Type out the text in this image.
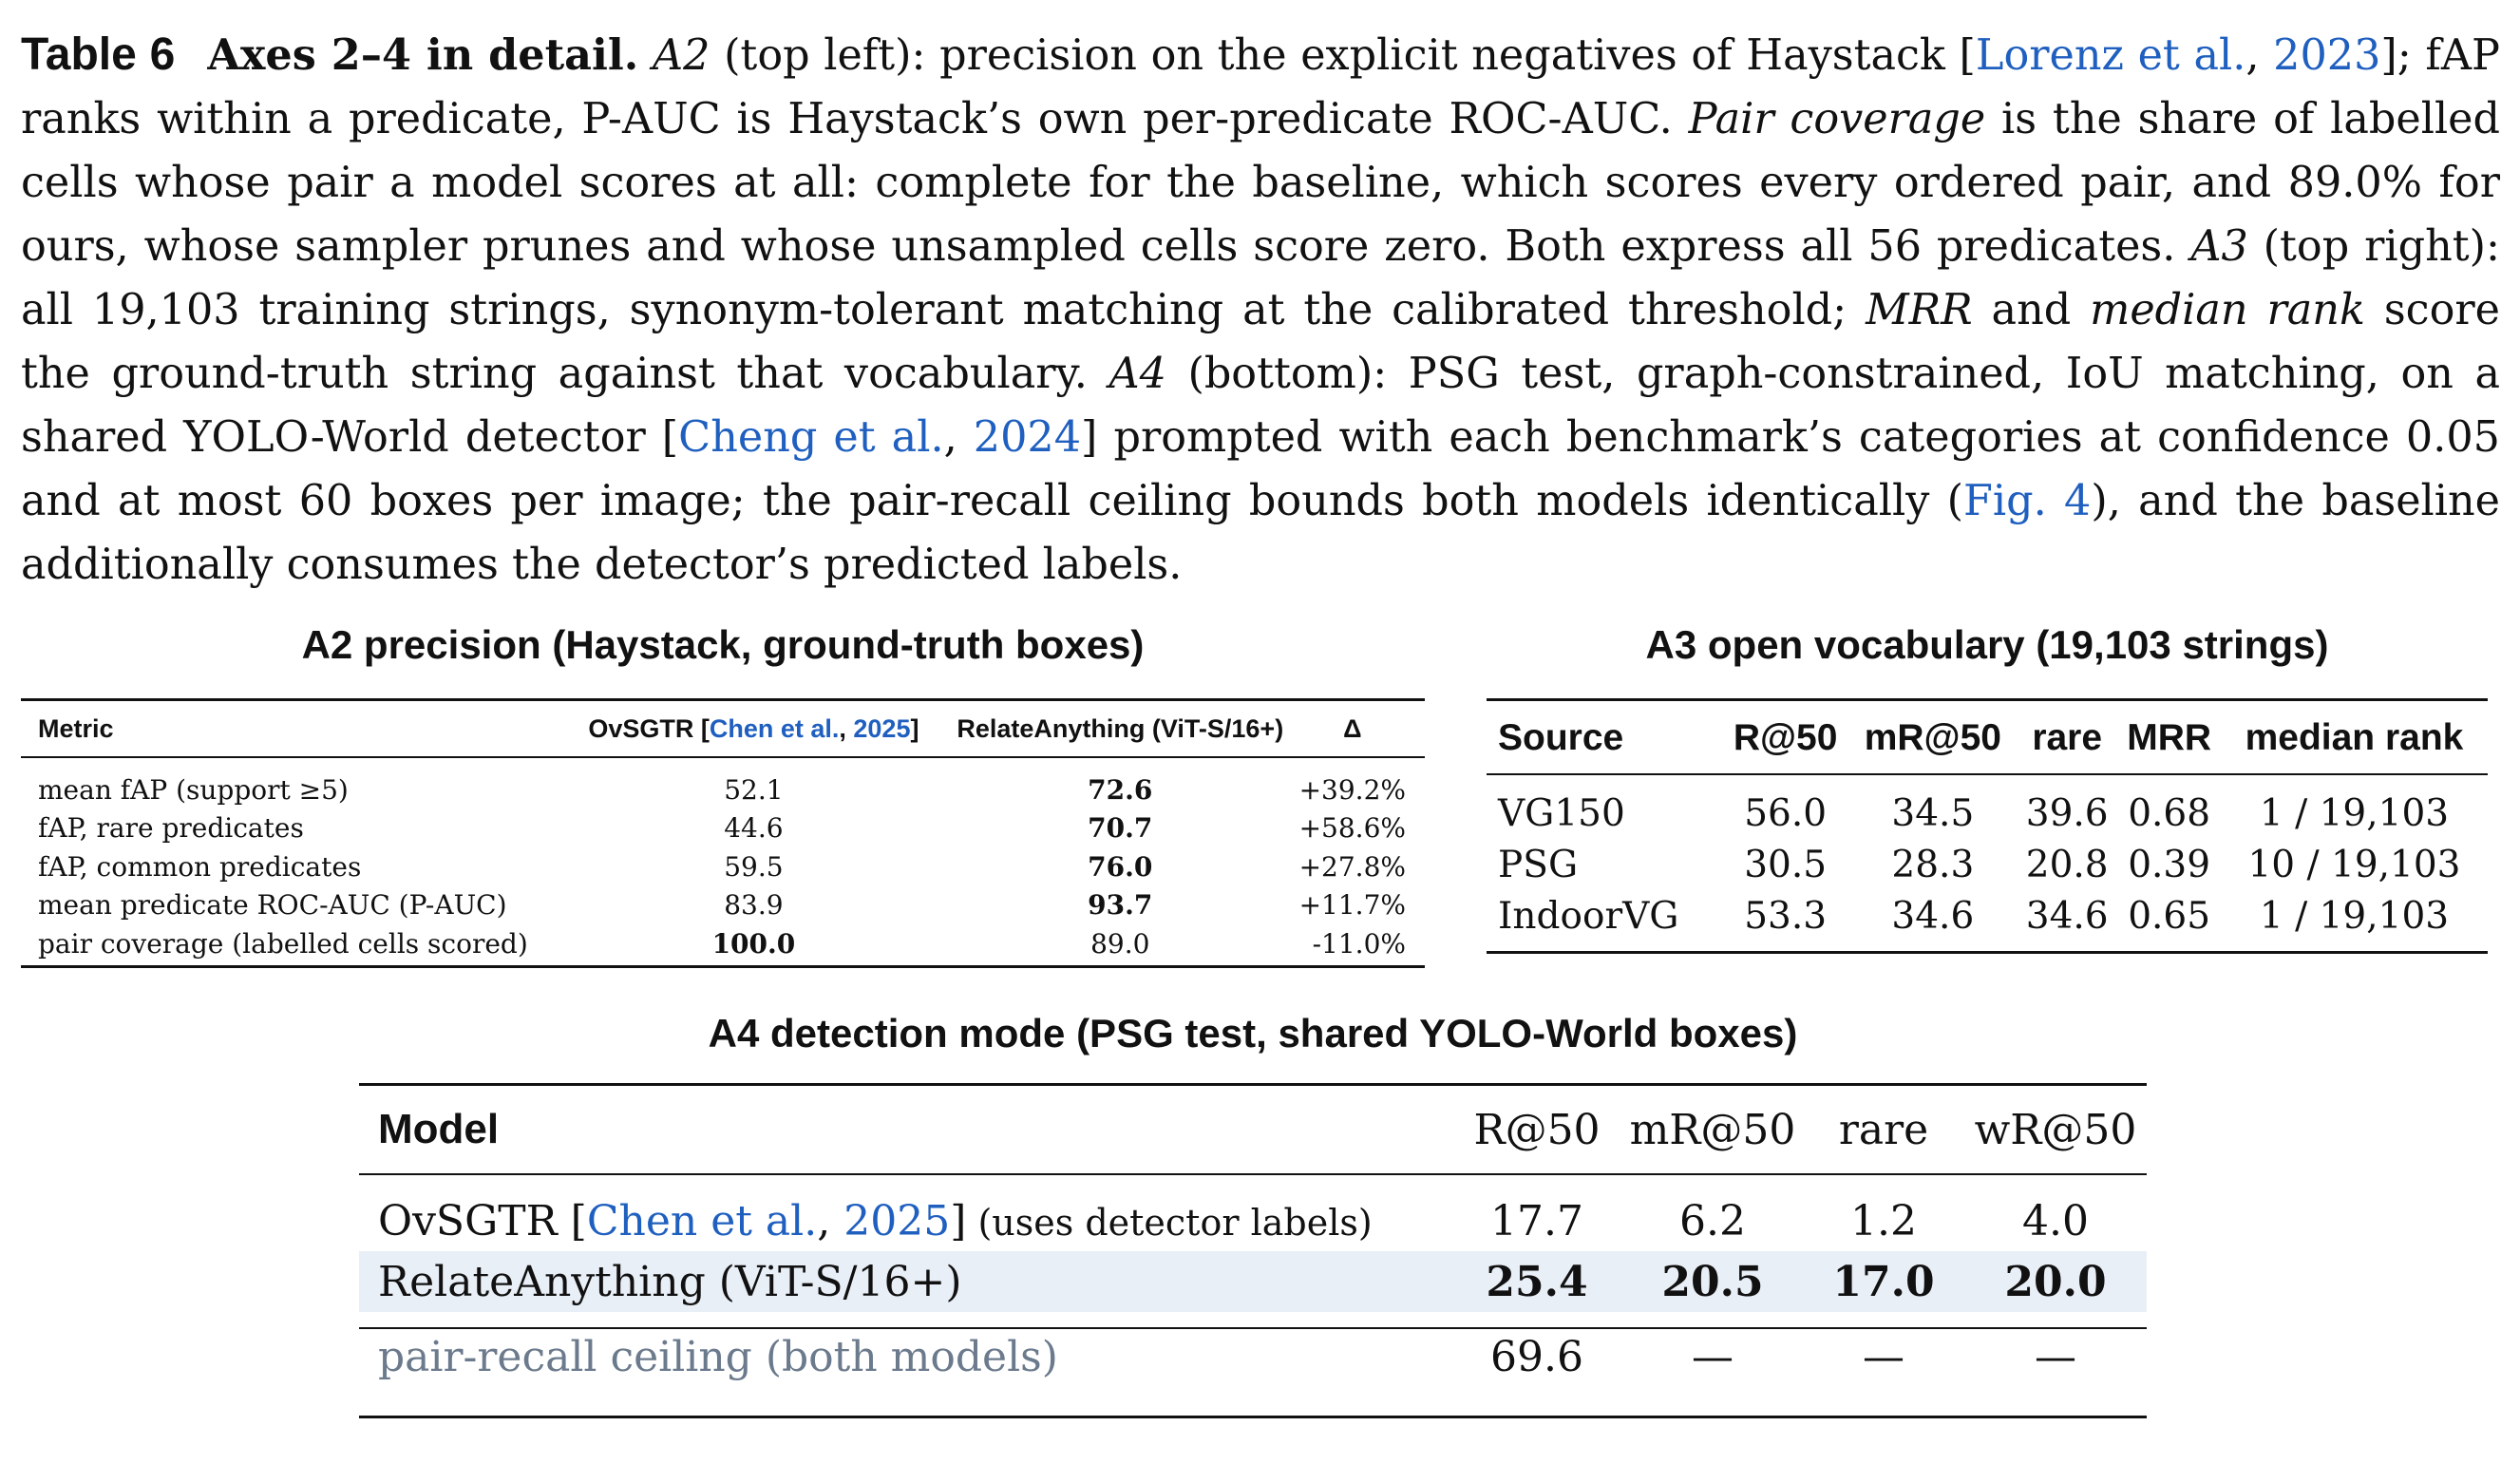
Table 6 Axes 2–4 in detail. A2 (top left): precision on the explicit negatives of Haystack [Lorenz et al., 2023]; fAP ranks within a predicate, P-AUC is Haystack’s own per-predicate ROC-AUC. Pair coverage is the share of labelled cells whose pair a model scores at all: complete for the baseline, which scores every ordered pair, and 89.0% for ours, whose sampler prunes and whose unsampled cells score zero. Both express all 56 predicates. A3 (top right): all 19,103 training strings, synonym-tolerant matching at the calibrated threshold; MRR and median rank score the ground-truth string against that vocabulary. A4 (bottom): PSG test, graph-constrained, IoU matching, on a shared YOLO-World detector [Cheng et al., 2024] prompted with each benchmark’s categories at confidence 0.05 and at most 60 boxes per image; the pair-recall ceiling bounds both models identically (Fig. 4), and the baseline additionally consumes the detector’s predicted labels.
A2 precision (Haystack, ground-truth boxes)
Metric	OvSGTR [Chen et al., 2025]	RelateAnything (ViT-S/16+)	Δ
mean fAP (support ≥5)	52.1	72.6	+39.2%
fAP, rare predicates	44.6	70.7	+58.6%
fAP, common predicates	59.5	76.0	+27.8%
mean predicate ROC-AUC (P-AUC)	83.9	93.7	+11.7%
pair coverage (labelled cells scored)	100.0	89.0	-11.0%
A3 open vocabulary (19,103 strings)
Source	R@50	mR@50	rare	MRR	median rank
VG150	56.0	34.5	39.6	0.68	1 / 19,103
PSG	30.5	28.3	20.8	0.39	10 / 19,103
IndoorVG	53.3	34.6	34.6	0.65	1 / 19,103
A4 detection mode (PSG test, shared YOLO-World boxes)
Model	R@50	mR@50	rare	wR@50
OvSGTR [Chen et al., 2025] (uses detector labels)	17.7	6.2	1.2	4.0
RelateAnything (ViT-S/16+)	25.4	20.5	17.0	20.0
pair-recall ceiling (both models)	69.6	—	—	—
